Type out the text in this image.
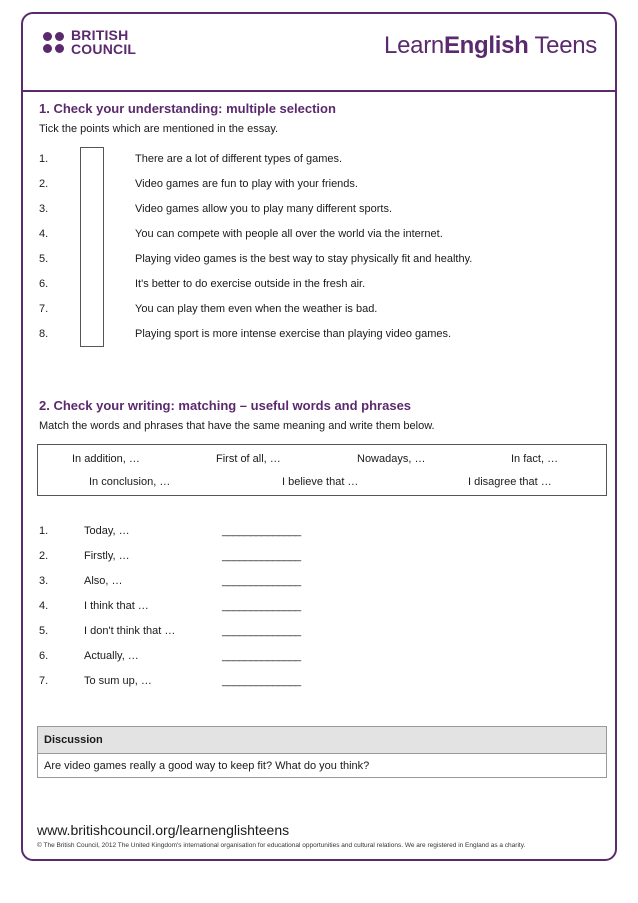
BRITISH
COUNCIL	LearnEnglish Teens
1. Check your understanding: multiple selection
Tick the points which are mentioned in the essay.
1.	There are a lot of different types of games.
2.	Video games are fun to play with your friends.
3.	Video games allow you to play many different sports.
4.	You can compete with people all over the world via the internet.
5.	Playing video games is the best way to stay physically fit and healthy.
6.	It's better to do exercise outside in the fresh air.
7.	You can play them even when the weather is bad.
8.	Playing sport is more intense exercise than playing video games.
2. Check your writing: matching – useful words and phrases
Match the words and phrases that have the same meaning and write them below.
In addition, …	First of all, …	Nowadays, …	In fact, …
In conclusion, …	I believe that …	I disagree that …
1.	Today, …	______________
2.	Firstly, …	______________
3.	Also, …	______________
4.	I think that …	______________
5.	I don't think that …	______________
6.	Actually, …	______________
7.	To sum up, …	______________
Discussion
Are video games really a good way to keep fit? What do you think?
www.britishcouncil.org/learnenglishteens
© The British Council, 2012 The United Kingdom's international organisation for educational opportunities and cultural relations. We are registered in England as a charity.
